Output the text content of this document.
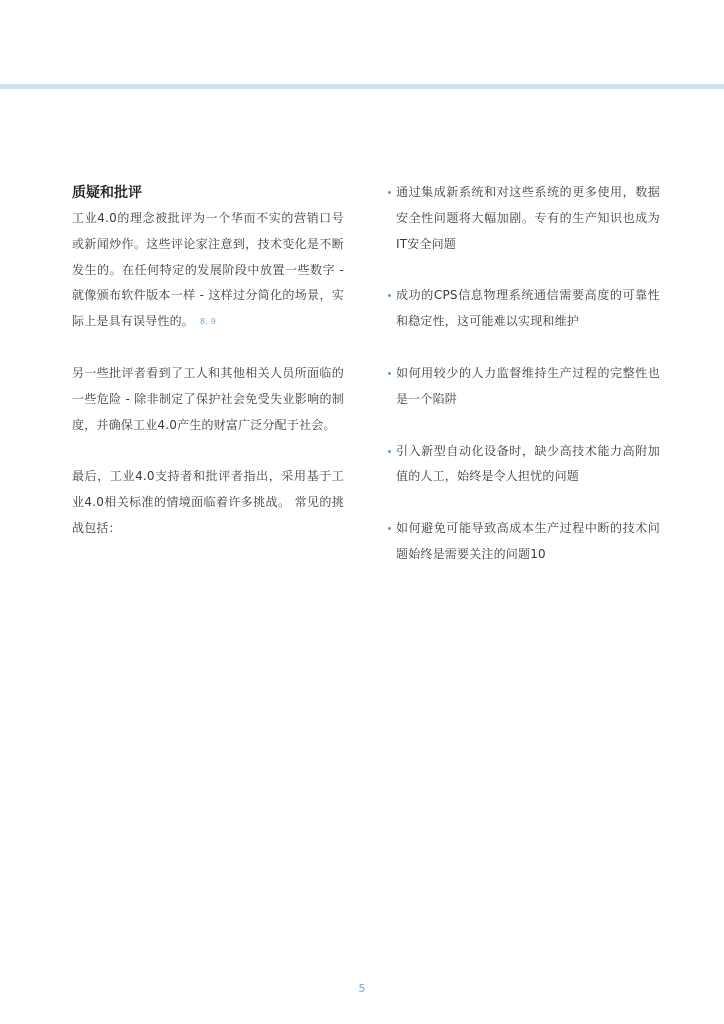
质疑和批评

工业4.0的理念被批评为一个华而不实的营销口号或新闻炒作。这些评论家注意到，技术变化是不断发生的。在任何特定的发展阶段中放置一些数字 - 就像颁布软件版本一样 - 这样过分简化的场景，实际上是具有误导性的。 8, 9

另一些批评者看到了工人和其他相关人员所面临的一些危险 - 除非制定了保护社会免受失业影响的制度，并确保工业4.0产生的财富广泛分配于社会。

最后，工业4.0支持者和批评者指出，采用基于工业4.0相关标准的情境面临着许多挑战。 常见的挑战包括：

通过集成新系统和对这些系统的更多使用，数据安全性问题将大幅加剧。专有的生产知识也成为IT安全问题

成功的CPS信息物理系统通信需要高度的可靠性和稳定性，这可能难以实现和维护

如何用较少的人力监督维持生产过程的完整性也是一个陷阱

引入新型自动化设备时，缺少高技术能力高附加值的人工，始终是令人担忧的问题

如何避免可能导致高成本生产过程中断的技术问题始终是需要关注的问题10

5
